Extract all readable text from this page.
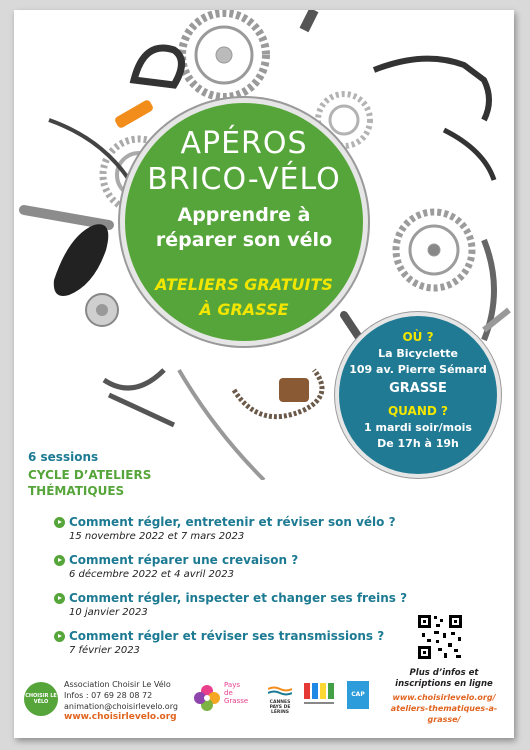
APÉROS
BRICO-VÉLO
Apprendre à
réparer son vélo
ATELIERS GRATUITS
À GRASSE
OÙ ?
La Bicyclette
109 av. Pierre Sémard
GRASSE
QUAND ?
1 mardi soir/mois
De 17h à 19h
6 sessions
CYCLE D’ATELIERS
THÉMATIQUES
Comment régler, entretenir et réviser son vélo ?
15 novembre 2022 et 7 mars 2023
Comment réparer une crevaison ?
6 décembre 2022 et 4 avril 2023
Comment régler, inspecter et changer ses freins ?
10 janvier 2023
Comment régler et réviser ses transmissions ?
7 février 2023
CHOISIR LE VÉLO
Association Choisir Le Vélo
Infos : 07 69 28 08 72
animation@choisirlevelo.org
www.choisirlevelo.org
Pays
de
Grasse	CANNES
PAYS DE
LÉRINS
CAP
Plus d’infos et
inscriptions en ligne
www.choisirlevelo.org/
ateliers-thematiques-a-grasse/
